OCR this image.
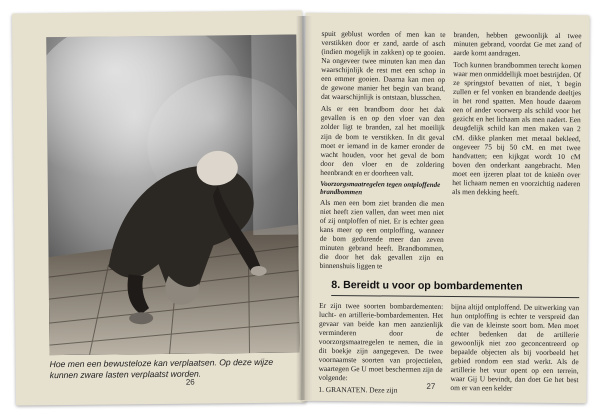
Hoe men een bewusteloze kan verplaatsen. Op deze wijze kunnen zware lasten verplaatst worden.
26

spuit geblust worden of men kan te verstikken door er zand, aarde of asch (indien mogelijk in zakken) op te gooien. Na ongeveer twee minuten kan men dan waarschijnlijk de rest met een schop in een emmer gooien. Daarna kan men op de gewone manier het begin van brand, dat waarschijnlijk is ontstaan, blusschen.

Als er een brandbom door het dak gevallen is en op den vloer van den zolder ligt te branden, zal het moeilijk zijn de bom te verstikken. In dit geval moet er iemand in de kamer eronder de wacht houden, voor het geval de bom door den vloer en de zoldering heenbrandt en er doorheen valt.

Voorzorgsmaatregelen tegen ontploffende brandbommen

Als men een bom ziet branden die men niet heeft zien vallen, dan weet men niet of zij ontploffen of niet. Er is echter geen kans meer op een ontploffing, wanneer de bom gedurende meer dan zeven minuten gebrand heeft. Brandbommen, die door het dak gevallen zijn en binnenshuis liggen te

branden, hebben gewoonlijk al twee minuten gebrand, voordat Ge met zand of aarde komt aandragen.

Toch kunnen brandbommen terecht komen waar men onmiddellijk moet bestrijden. Of ze springstof bevatten of niet, 't begin zullen er fel vonken en brandende deeltjes in het rond spatten. Men houde daarom een of ander voorwerp als schild voor het gezicht en het lichaam als men nadert. Een deugdelijk schild kan men maken van 2 cM. dikke planken met metaal bekleed, ongeveer 75 bij 50 cM. en met twee handvatten; een kijkgat wordt 10 cM boven den onderkant aangebracht. Men moet een ijzeren plaat tot de knieën over het lichaam nemen en voorzichtig naderen als men dekking heeft.

8. Bereidt u voor op bombardementen

Er zijn twee soorten bombardementen: lucht- en artillerie-bombardementen. Het gevaar van beide kan men aanzienlijk verminderen door de voorzorgsmaatregelen te nemen, die in dit boekje zijn aangegeven. De twee voornaamste soorten van projectielen, waartegen Ge U moet beschermen zijn de volgende:

1. GRANATEN. Deze zijn

bijna altijd ontploffend. De uitwerking van hun ontploffing is echter te verspreid dan die van de kleinste soort bom. Men moet echter bedenken dat de artillerie gewoonlijk niet zoo geconcentreerd op bepaalde objecten als bij voorbeeld het gebied rondom een stad werkt. Als de artillerie het vuur opent op een terrein, waar Gij U bevindt, dan doet Ge het best om er van een kelder

27
